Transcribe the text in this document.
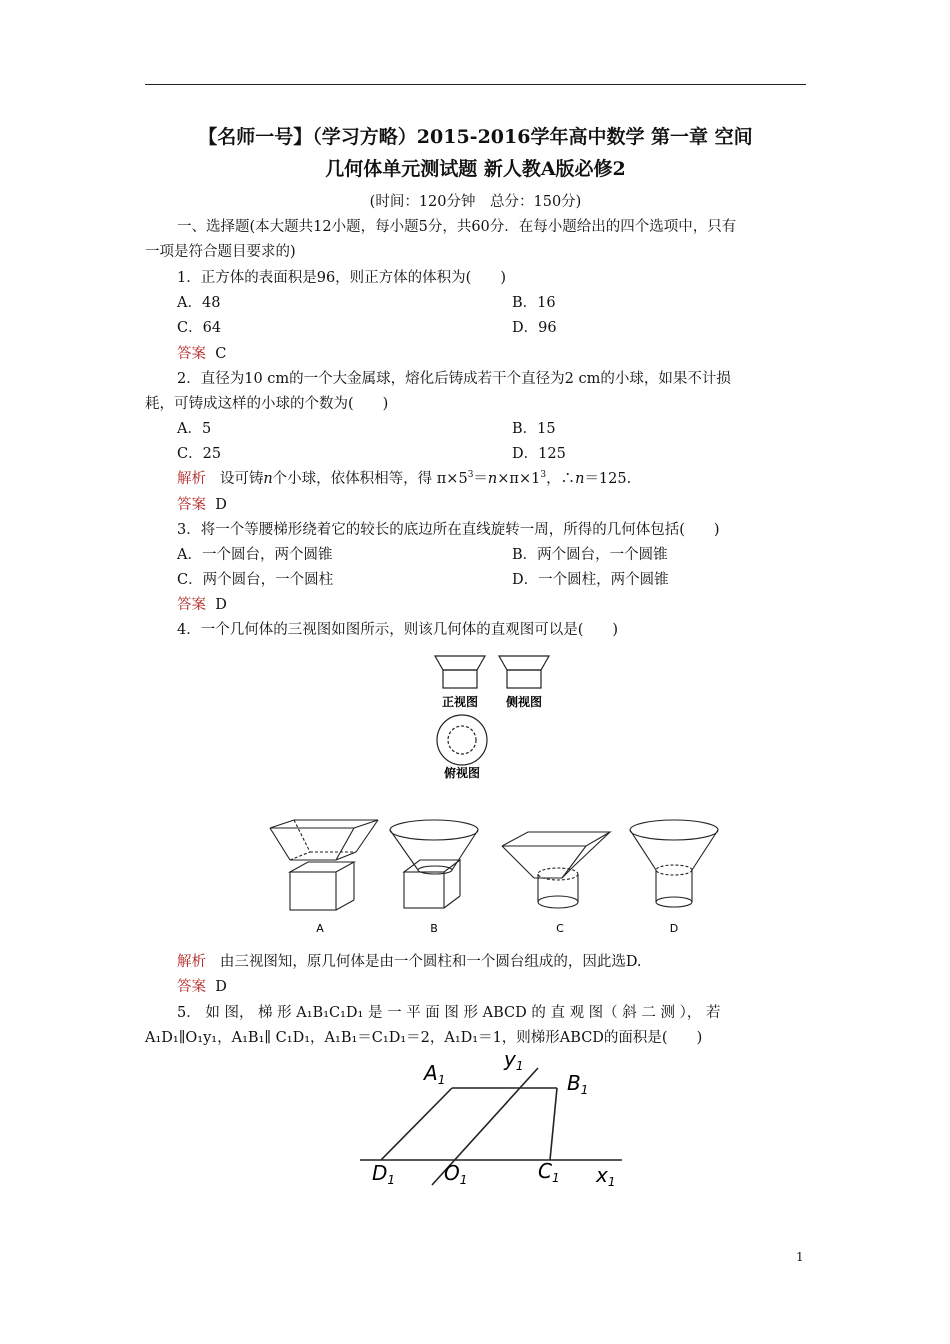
【名师一号】（学习方略）2015-2016学年高中数学 第一章 空间
几何体单元测试题 新人教A版必修2
(时间：120分钟　总分：150分)
一、选择题(本大题共12小题，每小题5分，共60分．在每小题给出的四个选项中，只有
一项是符合题目要求的)
1．正方体的表面积是96，则正方体的体积为(　　)
A．48	B．16
C．64	D．96
答案 C
2．直径为10 cm的一个大金属球，熔化后铸成若干个直径为2 cm的小球，如果不计损
耗，可铸成这样的小球的个数为(　　)
A．5	B．15
C．25	D．125
解析 设可铸n个小球，依体积相等，得 $\pi\times 5^3=n\times\pi\times 1^3$，∴n＝125.
答案 D
3．将一个等腰梯形绕着它的较长的底边所在直线旋转一周，所得的几何体包括(　　)
A．一个圆台，两个圆锥	B．两个圆台，一个圆锥
C．两个圆台，一个圆柱	D．一个圆柱，两个圆锥
答案 D
4．一个几何体的三视图如图所示，则该几何体的直观图可以是(　　)
正视图 侧视图
俯视图
A	B	C	D
解析 由三视图知，原几何体是由一个圆柱和一个圆台组成的，因此选D.
答案 D
5． 如 图， 梯 形 A₁B₁C₁D₁ 是 一 平 面 图 形 ABCD 的 直 观 图（ 斜 二 测 ）， 若
A₁D₁∥O₁y₁，A₁B₁∥ C₁D₁，A₁B₁＝C₁D₁＝2，A₁D₁＝1，则梯形ABCD的面积是(　　)
$A_1$
$y_1$
$B_1$
$D_1$ $O_1$	$C_1$ $x_1$
1
